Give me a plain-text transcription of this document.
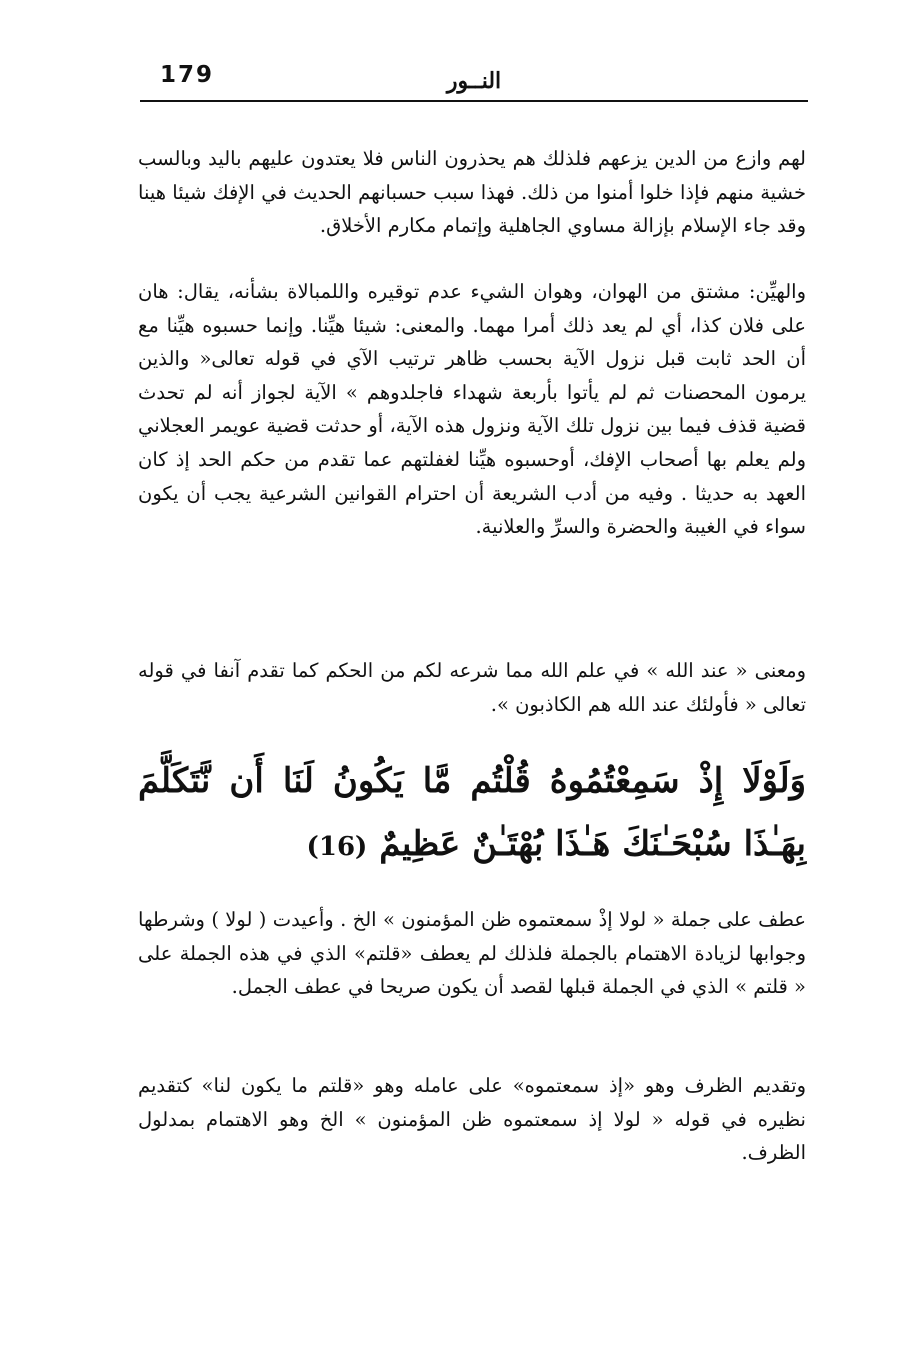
179	النــور

لهم وازع من الدين يزعهم فلذلك هم يحذرون الناس فلا يعتدون عليهم باليد وبالسب خشية منهم فإذا خلوا أمنوا من ذلك. فهذا سبب حسبانهم الحديث في الإفك شيئا هينا وقد جاء الإسلام بإزالة مساوي الجاهلية وإتمام مكارم الأخلاق.

والهيِّن: مشتق من الهوان، وهوان الشيء عدم توقيره واللمبالاة بشأنه، يقال: هان على فلان كذا، أي لم يعد ذلك أمرا مهما. والمعنى: شيئا هيِّنا. وإنما حسبوه هيِّنا مع أن الحد ثابت قبل نزول الآية بحسب ظاهر ترتيب الآي في قوله تعالى« والذين يرمون المحصنات ثم لم يأتوا بأربعة شهداء فاجلدوهم » الآية لجواز أنه لم تحدث قضية قذف فيما بين نزول تلك الآية ونزول هذه الآية، أو حدثت قضية عويمر العجلاني ولم يعلم بها أصحاب الإفك، أوحسبوه هيِّنا لغفلتهم عما تقدم من حكم الحد إذ كان العهد به حديثا . وفيه من أدب الشريعة أن احترام القوانين الشرعية يجب أن يكون سواء في الغيبة والحضرة والسرِّ والعلانية.

ومعنى « عند الله » في علم الله مما شرعه لكم من الحكم كما تقدم آنفا في قوله تعالى « فأولئك عند الله هم الكاذبون ».

وَلَوْلَا إِذْ سَمِعْتُمُوهُ قُلْتُم مَّا يَكُونُ لَنَا أَن نَّتَكَلَّمَ بِهَـٰذَا سُبْحَـٰنَكَ هَـٰذَا بُهْتَـٰنٌ عَظِيمٌ (16)

عطف على جملة « لولا إذْ سمعتموه ظن المؤمنون » الخ . وأعيدت ( لولا ) وشرطها وجوابها لزيادة الاهتمام بالجملة فلذلك لم يعطف «قلتم» الذي في هذه الجملة على « قلتم » الذي في الجملة قبلها لقصد أن يكون صريحا في عطف الجمل.

وتقديم الظرف وهو «إذ سمعتموه» على عامله وهو «قلتم ما يكون لنا» كتقديم نظيره في قوله « لولا إذ سمعتموه ظن المؤمنون » الخ وهو الاهتمام بمدلول الظرف.
